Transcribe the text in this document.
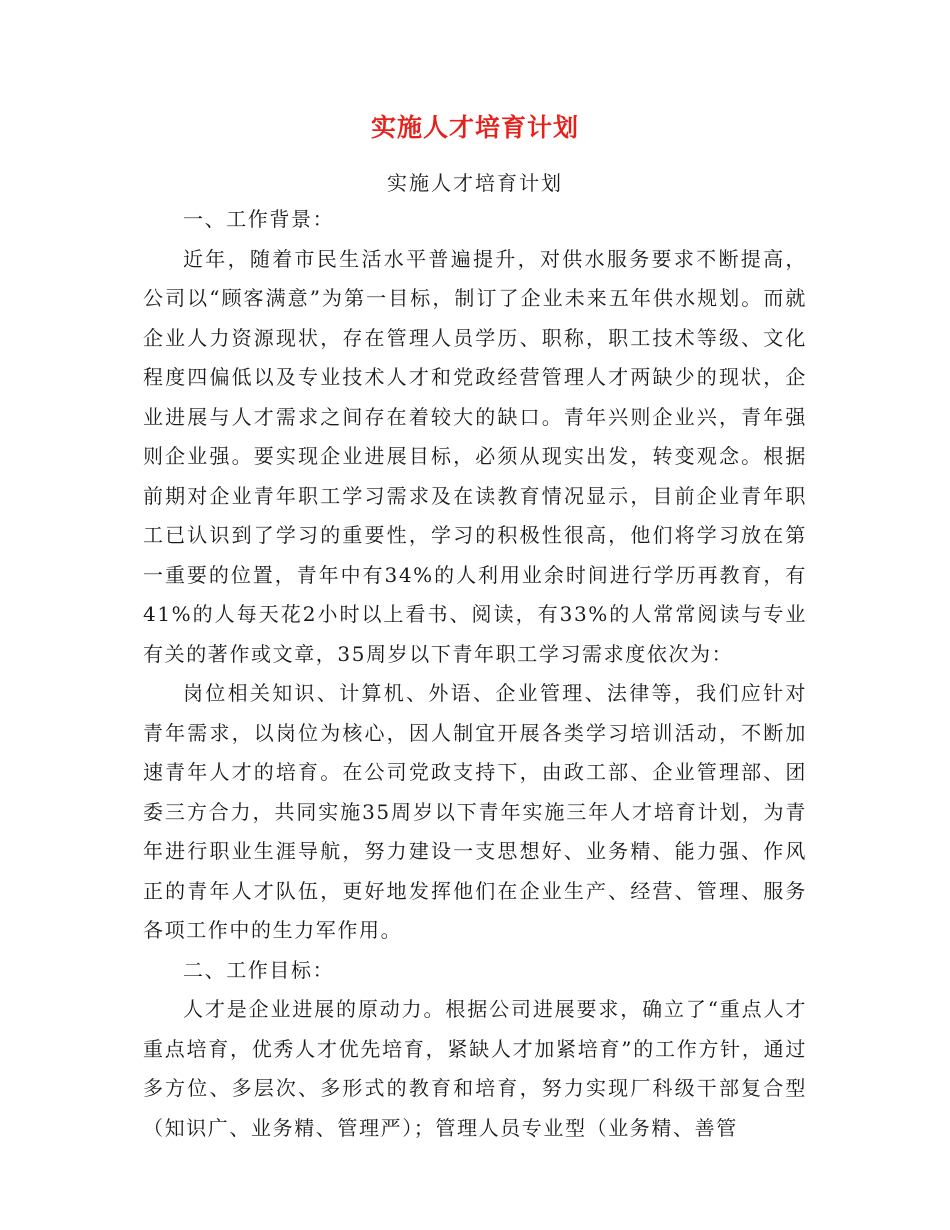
实施人才培育计划
实施人才培育计划

一、工作背景：

近年，随着市民生活水平普遍提升，对供水服务要求不断提高，公司以“顾客满意”为第一目标，制订了企业未来五年供水规划。而就企业人力资源现状，存在管理人员学历、职称，职工技术等级、文化程度四偏低以及专业技术人才和党政经营管理人才两缺少的现状，企业进展与人才需求之间存在着较大的缺口。青年兴则企业兴，青年强则企业强。要实现企业进展目标，必须从现实出发，转变观念。根据前期对企业青年职工学习需求及在读教育情况显示，目前企业青年职工已认识到了学习的重要性，学习的积极性很高，他们将学习放在第一重要的位置，青年中有34%的人利用业余时间进行学历再教育，有41%的人每天花2小时以上看书、阅读，有33%的人常常阅读与专业有关的著作或文章，35周岁以下青年职工学习需求度依次为：

岗位相关知识、计算机、外语、企业管理、法律等，我们应针对青年需求，以岗位为核心，因人制宜开展各类学习培训活动，不断加速青年人才的培育。在公司党政支持下，由政工部、企业管理部、团委三方合力，共同实施35周岁以下青年实施三年人才培育计划，为青年进行职业生涯导航，努力建设一支思想好、业务精、能力强、作风正的青年人才队伍，更好地发挥他们在企业生产、经营、管理、服务各项工作中的生力军作用。

二、工作目标：

人才是企业进展的原动力。根据公司进展要求，确立了“重点人才重点培育，优秀人才优先培育，紧缺人才加紧培育”的工作方针，通过多方位、多层次、多形式的教育和培育，努力实现厂科级干部复合型（知识广、业务精、管理严）；管理人员专业型（业务精、善管
